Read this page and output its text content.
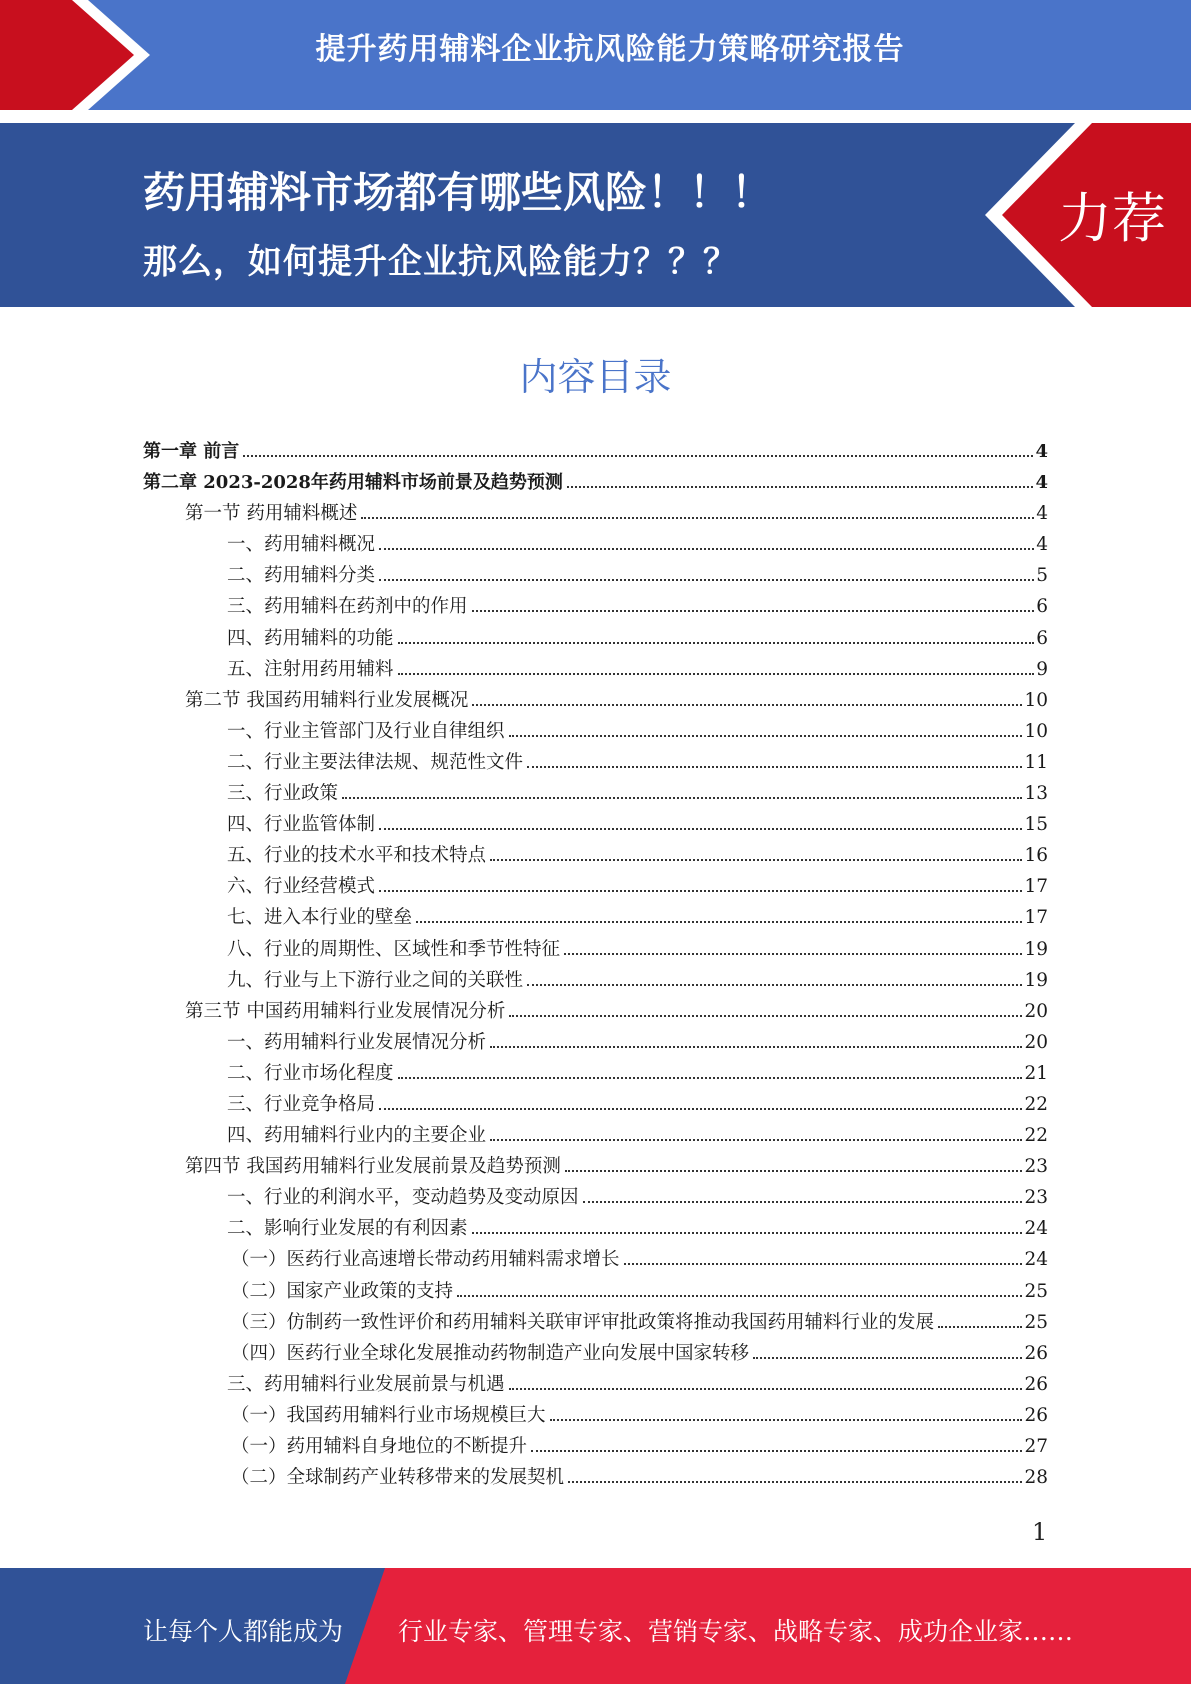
提升药用辅料企业抗风险能力策略研究报告
药用辅料市场都有哪些风险！！！
那么，如何提升企业抗风险能力？？？
力荐
内容目录
第一章 前言	4
第二章 2023-2028年药用辅料市场前景及趋势预测	4
第一节 药用辅料概述	4
一、药用辅料概况	4
二、药用辅料分类	5
三、药用辅料在药剂中的作用	6
四、药用辅料的功能	6
五、注射用药用辅料	9
第二节 我国药用辅料行业发展概况	10
一、行业主管部门及行业自律组织	10
二、行业主要法律法规、规范性文件	11
三、行业政策	13
四、行业监管体制	15
五、行业的技术水平和技术特点	16
六、行业经营模式	17
七、进入本行业的壁垒	17
八、行业的周期性、区域性和季节性特征	19
九、行业与上下游行业之间的关联性	19
第三节 中国药用辅料行业发展情况分析	20
一、药用辅料行业发展情况分析	20
二、行业市场化程度	21
三、行业竞争格局	22
四、药用辅料行业内的主要企业	22
第四节 我国药用辅料行业发展前景及趋势预测	23
一、行业的利润水平，变动趋势及变动原因	23
二、影响行业发展的有利因素	24
（一）医药行业高速增长带动药用辅料需求增长	24
（二）国家产业政策的支持	25
（三）仿制药一致性评价和药用辅料关联审评审批政策将推动我国药用辅料行业的发展	25
（四）医药行业全球化发展推动药物制造产业向发展中国家转移	26
三、药用辅料行业发展前景与机遇	26
（一）我国药用辅料行业市场规模巨大	26
（一）药用辅料自身地位的不断提升	27
（二）全球制药产业转移带来的发展契机	28
1
让每个人都能成为 行业专家、管理专家、营销专家、战略专家、成功企业家……
